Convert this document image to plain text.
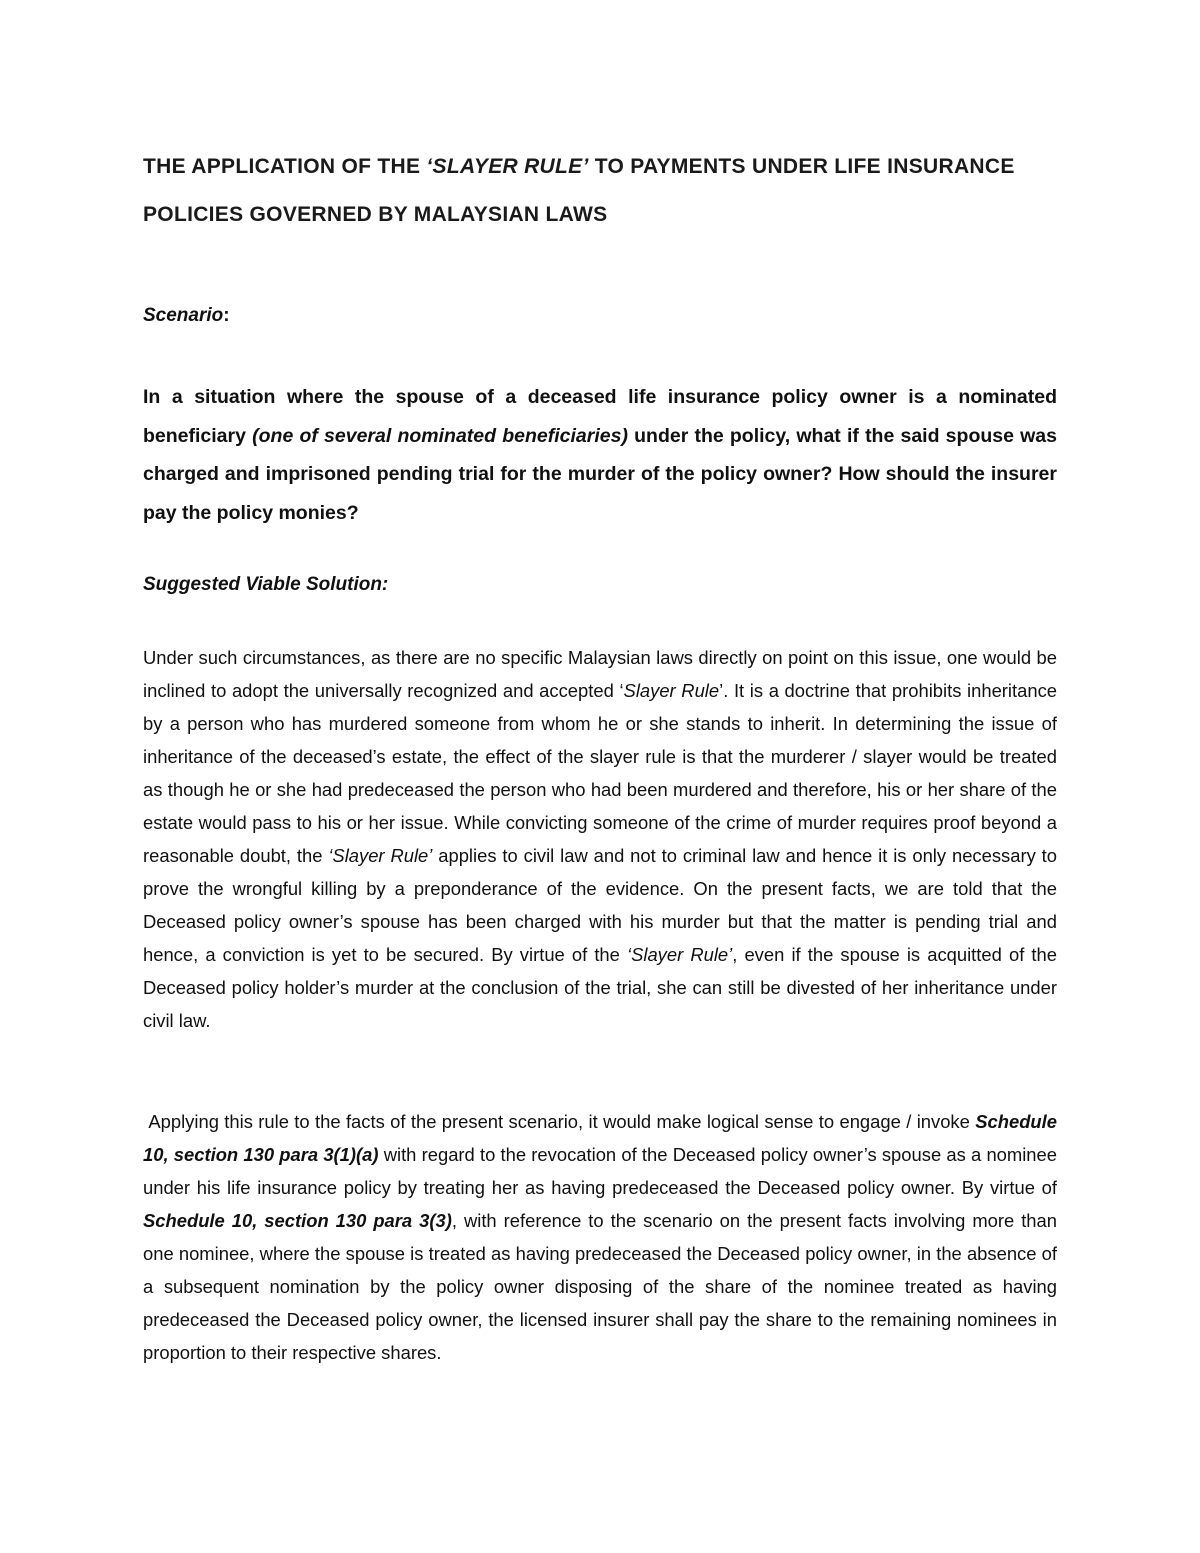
THE APPLICATION OF THE ‘SLAYER RULE’ TO PAYMENTS UNDER LIFE INSURANCE POLICIES GOVERNED BY MALAYSIAN LAWS
Scenario:

In a situation where the spouse of a deceased life insurance policy owner is a nominated beneficiary (one of several nominated beneficiaries) under the policy, what if the said spouse was charged and imprisoned pending trial for the murder of the policy owner? How should the insurer pay the policy monies?

Suggested Viable Solution:

Under such circumstances, as there are no specific Malaysian laws directly on point on this issue, one would be inclined to adopt the universally recognized and accepted ‘Slayer Rule’. It is a doctrine that prohibits inheritance by a person who has murdered someone from whom he or she stands to inherit. In determining the issue of inheritance of the deceased’s estate, the effect of the slayer rule is that the murderer / slayer would be treated as though he or she had predeceased the person who had been murdered and therefore, his or her share of the estate would pass to his or her issue. While convicting someone of the crime of murder requires proof beyond a reasonable doubt, the ‘Slayer Rule’ applies to civil law and not to criminal law and hence it is only necessary to prove the wrongful killing by a preponderance of the evidence. On the present facts, we are told that the Deceased policy owner’s spouse has been charged with his murder but that the matter is pending trial and hence, a conviction is yet to be secured. By virtue of the ‘Slayer Rule’, even if the spouse is acquitted of the Deceased policy holder’s murder at the conclusion of the trial, she can still be divested of her inheritance under civil law.

Applying this rule to the facts of the present scenario, it would make logical sense to engage / invoke Schedule 10, section 130 para 3(1)(a) with regard to the revocation of the Deceased policy owner’s spouse as a nominee under his life insurance policy by treating her as having predeceased the Deceased policy owner. By virtue of Schedule 10, section 130 para 3(3), with reference to the scenario on the present facts involving more than one nominee, where the spouse is treated as having predeceased the Deceased policy owner, in the absence of a subsequent nomination by the policy owner disposing of the share of the nominee treated as having predeceased the Deceased policy owner, the licensed insurer shall pay the share to the remaining nominees in proportion to their respective shares.
